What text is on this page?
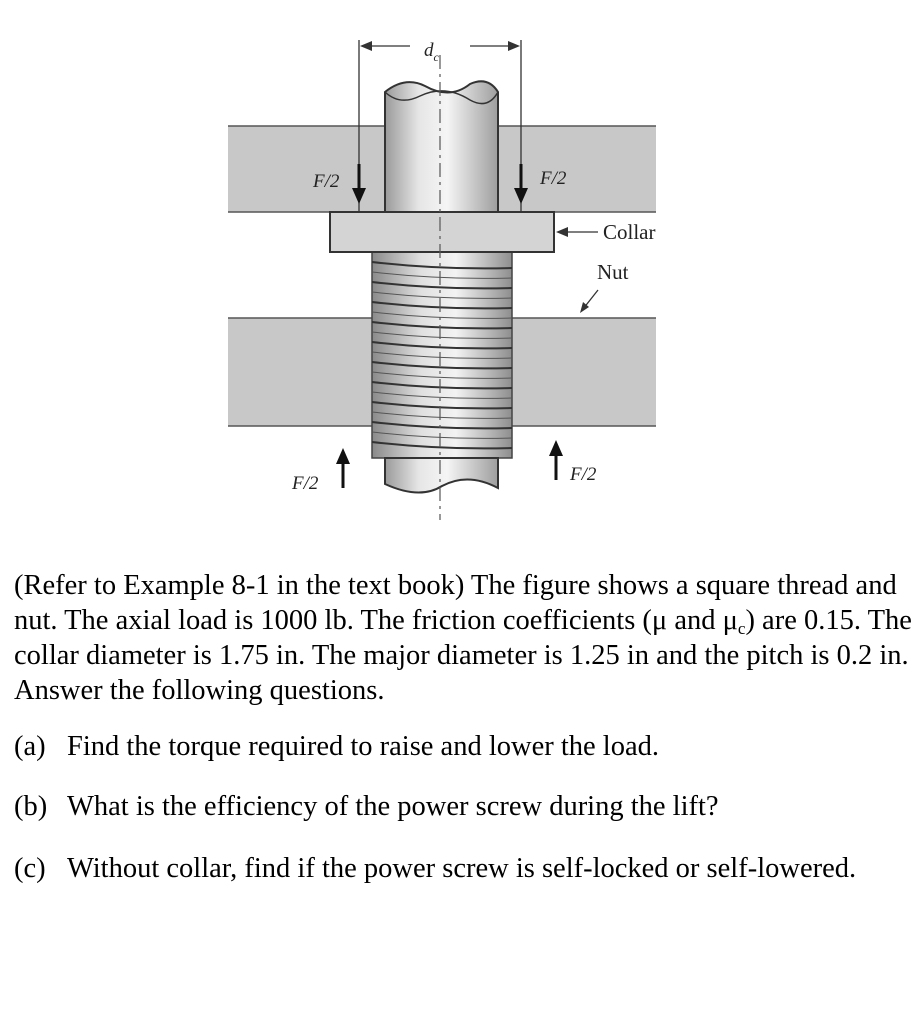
$d_c$
F/2	F/2
Collar
Nut
F/2	F/2

(Refer to Example 8-1 in the text book) The figure shows a square thread and nut. The axial load is 1000 lb. The friction coefficients (μ and $\mu_c$) are 0.15. The collar diameter is 1.75 in. The major diameter is 1.25 in and the pitch is 0.2 in. Answer the following questions.

(a) Find the torque required to raise and lower the load.
(b) What is the efficiency of the power screw during the lift?
(c) Without collar, find if the power screw is self-locked or self-lowered.
